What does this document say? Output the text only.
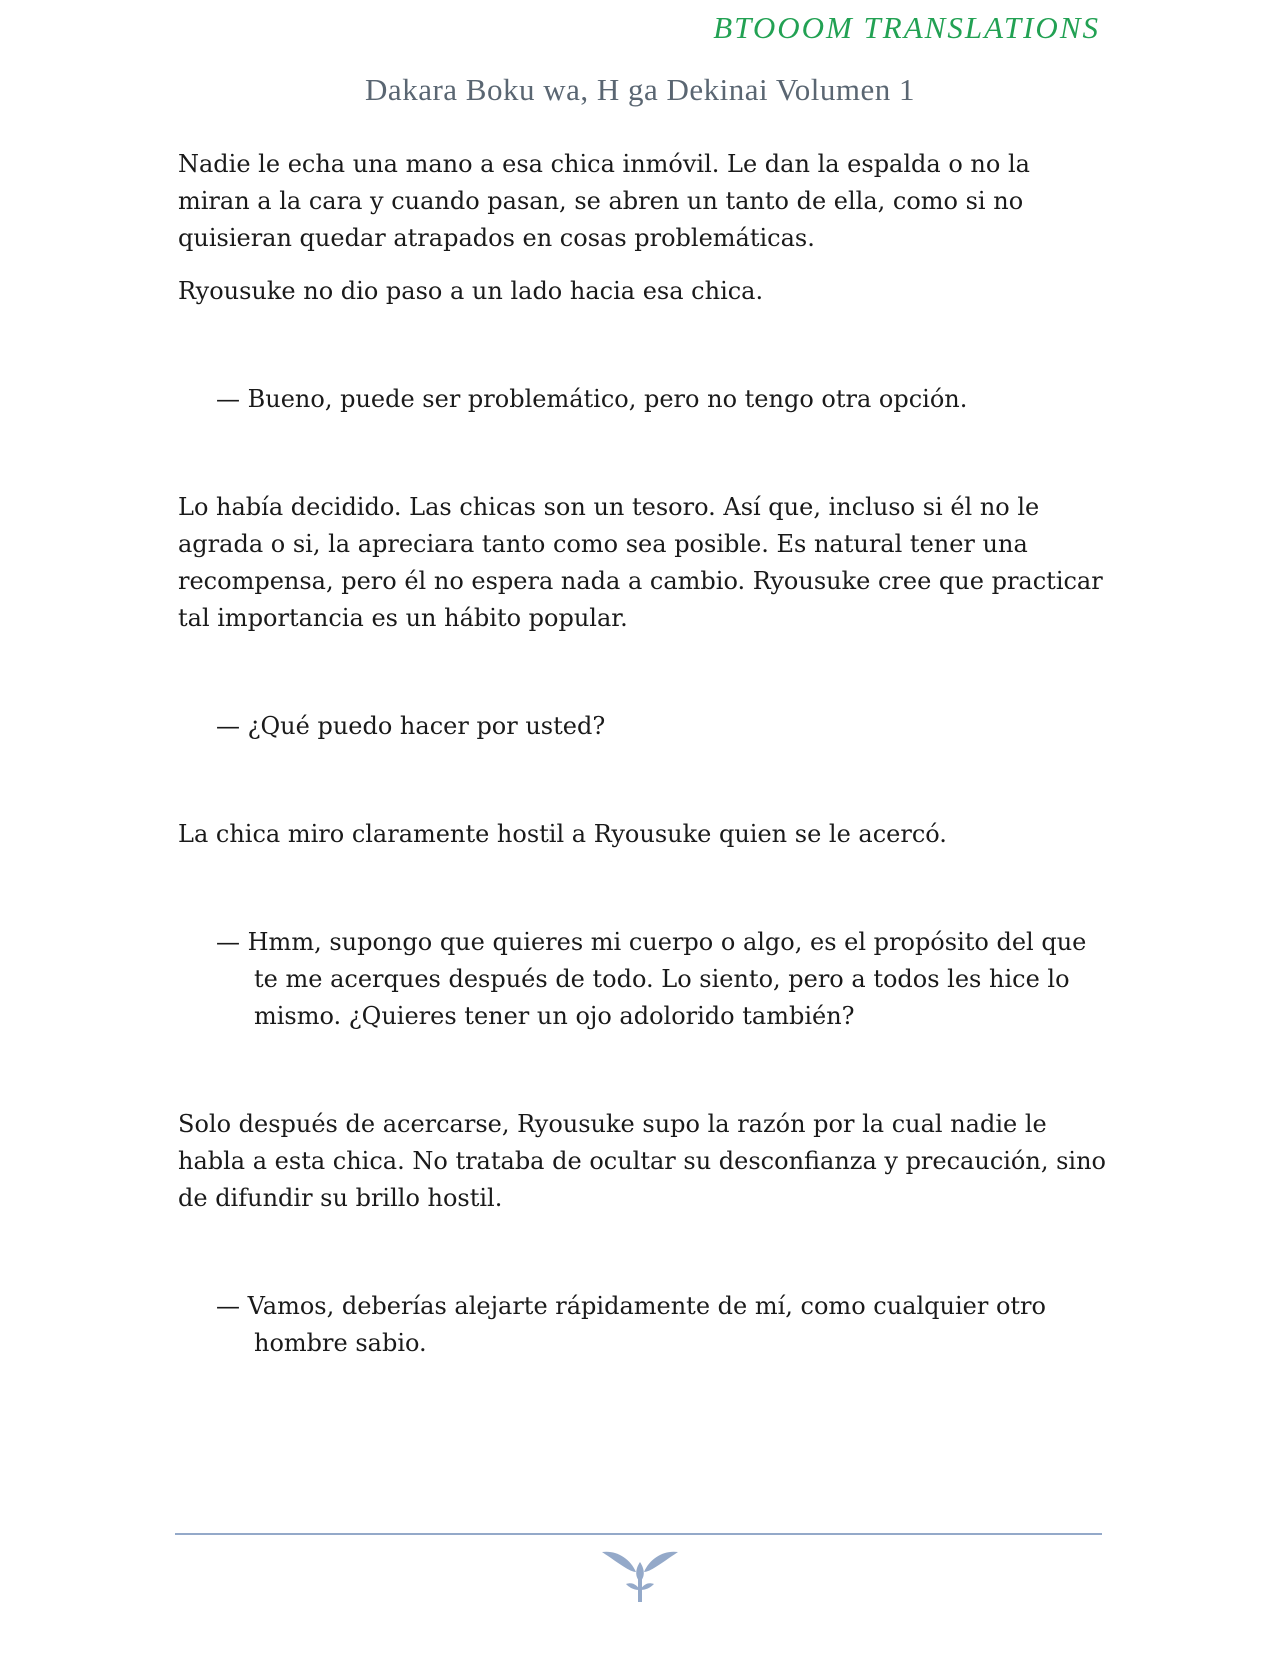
BTOOOM TRANSLATIONS
Dakara Boku wa, H ga Dekinai Volumen 1

Nadie le echa una mano a esa chica inmóvil. Le dan la espalda o no la miran a la cara y cuando pasan, se abren un tanto de ella, como si no quisieran quedar atrapados en cosas problemáticas.

Ryousuke no dio paso a un lado hacia esa chica.

— Bueno, puede ser problemático, pero no tengo otra opción.

Lo había decidido. Las chicas son un tesoro. Así que, incluso si él no le agrada o si, la apreciara tanto como sea posible. Es natural tener una recompensa, pero él no espera nada a cambio. Ryousuke cree que practicar tal importancia es un hábito popular.

— ¿Qué puedo hacer por usted?

La chica miro claramente hostil a Ryousuke quien se le acercó.

— Hmm, supongo que quieres mi cuerpo o algo, es el propósito del que te me acerques después de todo. Lo siento, pero a todos les hice lo mismo. ¿Quieres tener un ojo adolorido también?

Solo después de acercarse, Ryousuke supo la razón por la cual nadie le habla a esta chica. No trataba de ocultar su desconfianza y precaución, sino de difundir su brillo hostil.

— Vamos, deberías alejarte rápidamente de mí, como cualquier otro hombre sabio.
